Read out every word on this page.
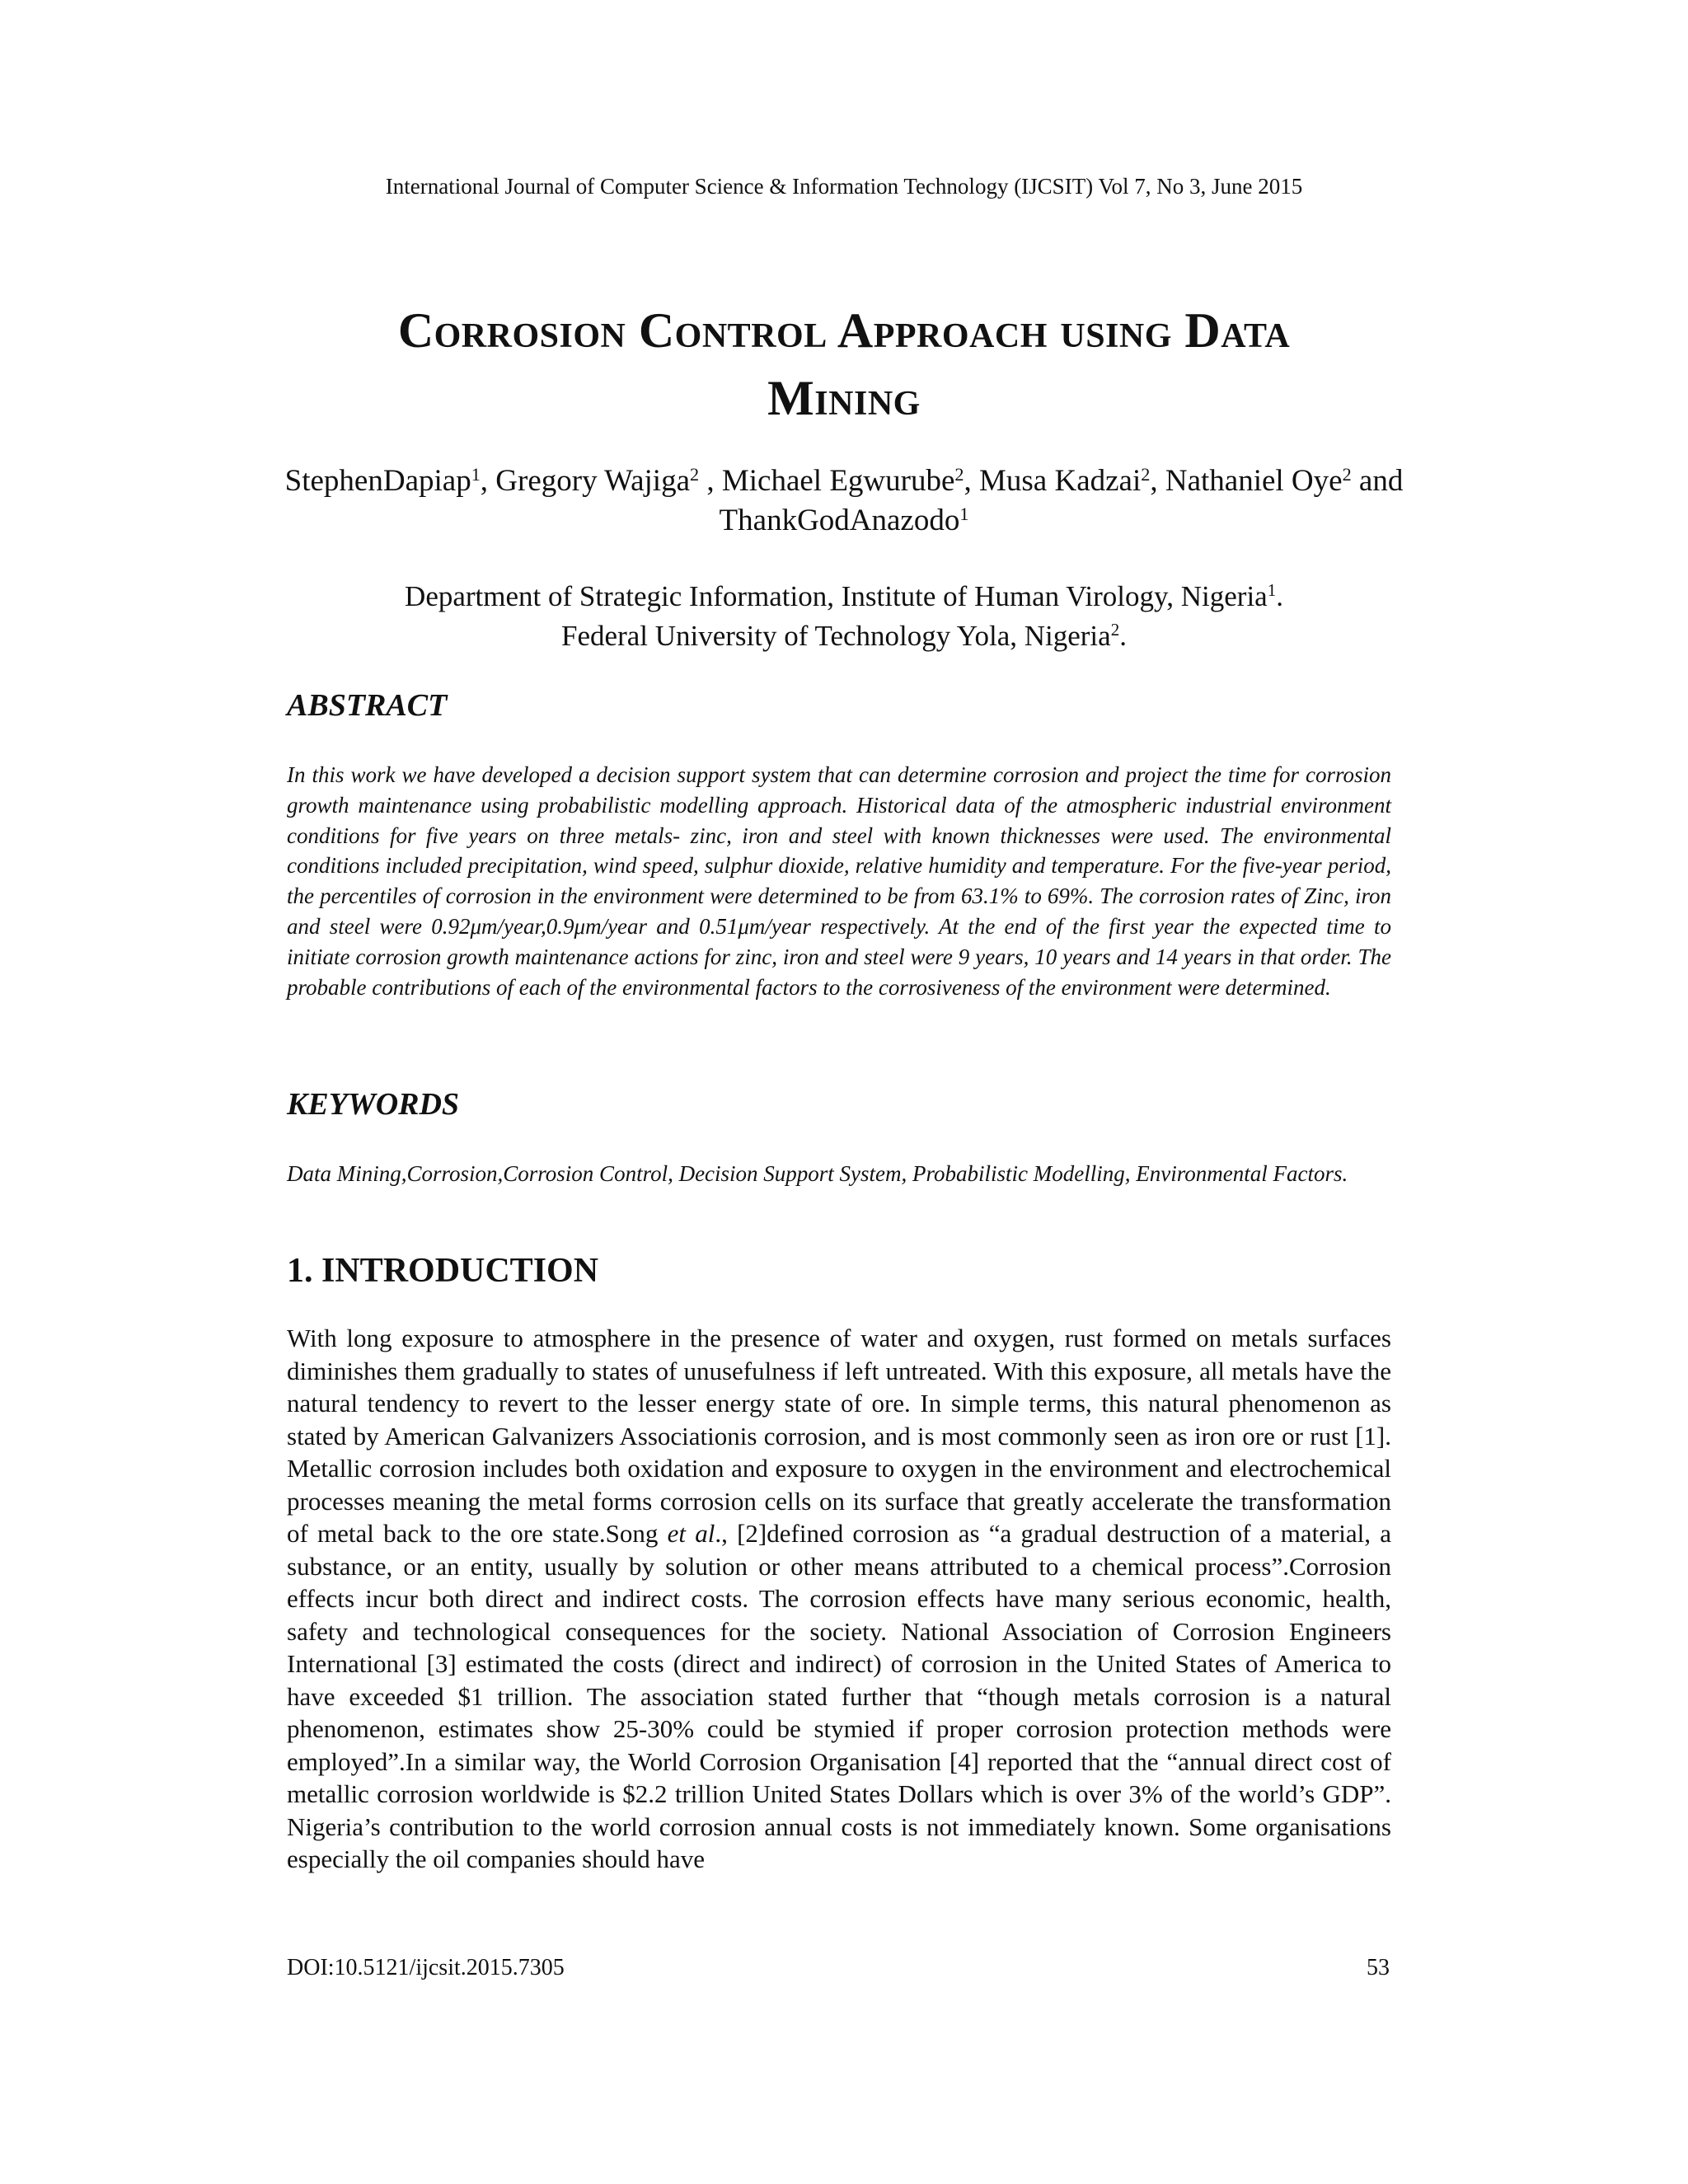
International Journal of Computer Science & Information Technology (IJCSIT) Vol 7, No 3, June 2015
Corrosion Control Approach using Data
Mining
StephenDapiap$^1$, Gregory Wajiga$^2$ , Michael Egwurube$^2$, Musa Kadzai$^2$, Nathaniel Oye$^2$ and ThankGodAnazodo$^1$
Department of Strategic Information, Institute of Human Virology, Nigeria$^1$.
Federal University of Technology Yola, Nigeria$^2$.
ABSTRACT
In this work we have developed a decision support system that can determine corrosion and project the time for corrosion growth maintenance using probabilistic modelling approach. Historical data of the atmospheric industrial environment conditions for five years on three metals- zinc, iron and steel with known thicknesses were used. The environmental conditions included precipitation, wind speed, sulphur dioxide, relative humidity and temperature. For the five-year period, the percentiles of corrosion in the environment were determined to be from 63.1% to 69%. The corrosion rates of Zinc, iron and steel were 0.92μm/year,0.9μm/year and 0.51μm/year respectively. At the end of the first year the expected time to initiate corrosion growth maintenance actions for zinc, iron and steel were 9 years, 10 years and 14 years in that order. The probable contributions of each of the environmental factors to the corrosiveness of the environment were determined.
KEYWORDS
Data Mining,Corrosion,Corrosion Control, Decision Support System, Probabilistic Modelling, Environmental Factors.
1. INTRODUCTION
With long exposure to atmosphere in the presence of water and oxygen, rust formed on metals surfaces diminishes them gradually to states of unusefulness if left untreated. With this exposure, all metals have the natural tendency to revert to the lesser energy state of ore. In simple terms, this natural phenomenon as stated by American Galvanizers Associationis corrosion, and is most commonly seen as iron ore or rust [1]. Metallic corrosion includes both oxidation and exposure to oxygen in the environment and electrochemical processes meaning the metal forms corrosion cells on its surface that greatly accelerate the transformation of metal back to the ore state.Song et al., [2]defined corrosion as “a gradual destruction of a material, a substance, or an entity, usually by solution or other means attributed to a chemical process”.Corrosion effects incur both direct and indirect costs. The corrosion effects have many serious economic, health, safety and technological consequences for the society. National Association of Corrosion Engineers International [3] estimated the costs (direct and indirect) of corrosion in the United States of America to have exceeded $1 trillion. The association stated further that “though metals corrosion is a natural phenomenon, estimates show 25-30% could be stymied if proper corrosion protection methods were employed”.In a similar way, the World Corrosion Organisation [4] reported that the “annual direct cost of metallic corrosion worldwide is $2.2 trillion United States Dollars which is over 3% of the world’s GDP”. Nigeria’s contribution to the world corrosion annual costs is not immediately known. Some organisations especially the oil companies should have
DOI:10.5121/ijcsit.2015.7305	53
